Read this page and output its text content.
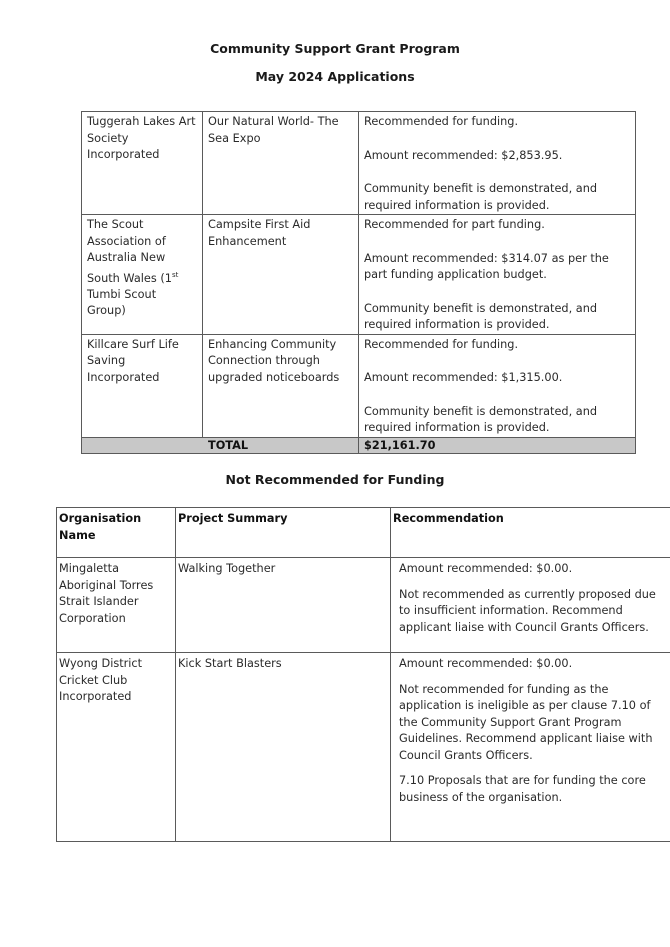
Community Support Grant Program
May 2024 Applications
Tuggerah Lakes Art Society Incorporated	Our Natural World- The Sea Expo	Recommended for funding.

Amount recommended: $2,853.95.

Community benefit is demonstrated, and required information is provided.

The Scout Association of Australia New South Wales (1st Tumbi Scout Group)	Campsite First Aid Enhancement	Recommended for part funding.

Amount recommended: $314.07 as per the part funding application budget.

Community benefit is demonstrated, and required information is provided.

Killcare Surf Life Saving Incorporated	Enhancing Community Connection through upgraded noticeboards	Recommended for funding.

Amount recommended: $1,315.00.

Community benefit is demonstrated, and required information is provided.

	TOTAL	$21,161.70
Not Recommended for Funding
Organisation Name	Project Summary	Recommendation
Mingaletta Aboriginal Torres Strait Islander Corporation	Walking Together	Amount recommended: $0.00.

Not recommended as currently proposed due to insufficient information. Recommend applicant liaise with Council Grants Officers.

Wyong District Cricket Club Incorporated	Kick Start Blasters	Amount recommended: $0.00.

Not recommended for funding as the application is ineligible as per clause 7.10 of the Community Support Grant Program Guidelines. Recommend applicant liaise with Council Grants Officers.

7.10 Proposals that are for funding the core business of the organisation.
